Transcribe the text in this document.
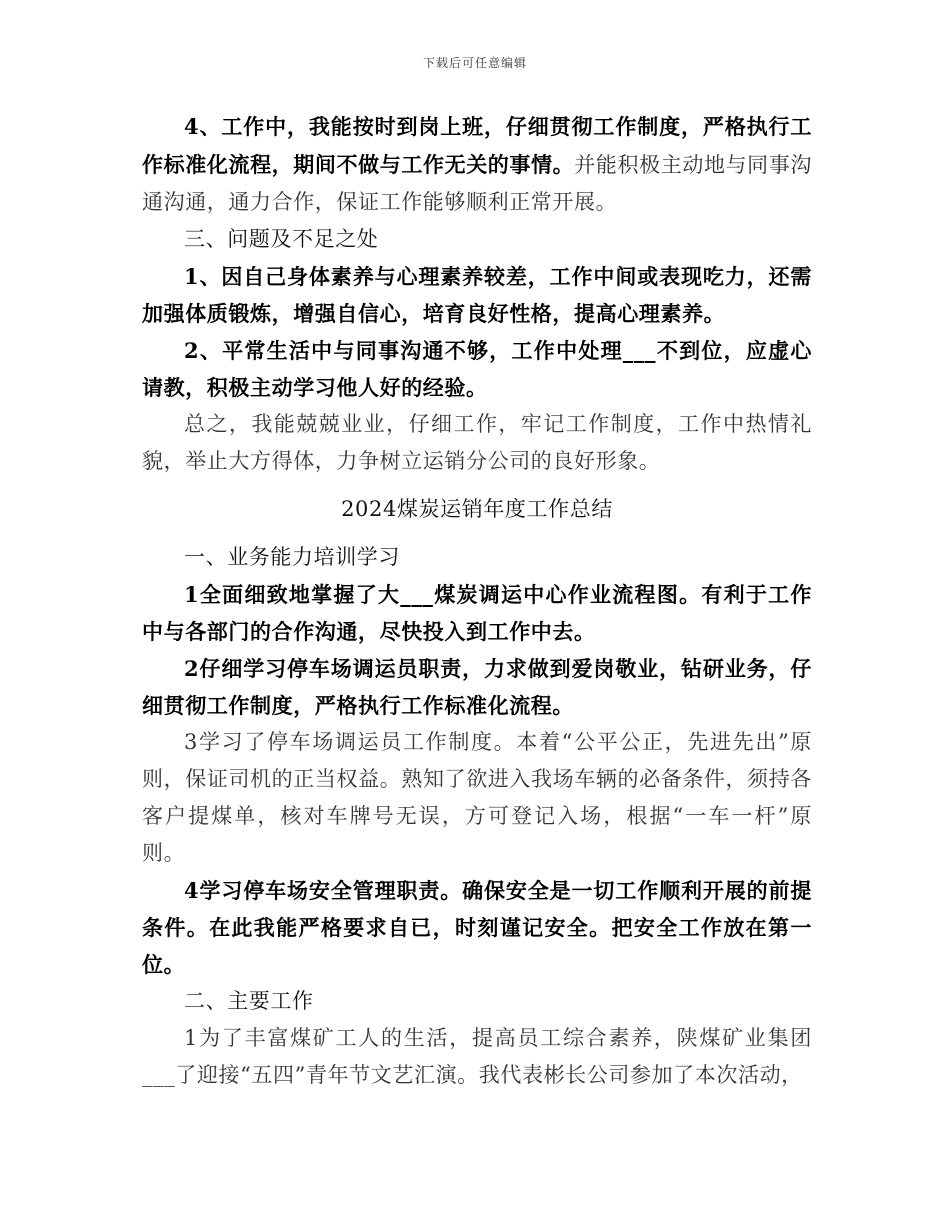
下载后可任意编辑

4、工作中，我能按时到岗上班，仔细贯彻工作制度，严格执行工作标准化流程，期间不做与工作无关的事情。并能积极主动地与同事沟通沟通，通力合作，保证工作能够顺利正常开展。

三、问题及不足之处

1、因自己身体素养与心理素养较差，工作中间或表现吃力，还需加强体质锻炼，增强自信心，培育良好性格，提高心理素养。

2、平常生活中与同事沟通不够，工作中处理___不到位，应虚心请教，积极主动学习他人好的经验。

总之，我能兢兢业业，仔细工作，牢记工作制度，工作中热情礼貌，举止大方得体，力争树立运销分公司的良好形象。

2024煤炭运销年度工作总结

一、业务能力培训学习

1全面细致地掌握了大___煤炭调运中心作业流程图。有利于工作中与各部门的合作沟通，尽快投入到工作中去。

2仔细学习停车场调运员职责，力求做到爱岗敬业，钻研业务，仔细贯彻工作制度，严格执行工作标准化流程。

3学习了停车场调运员工作制度。本着“公平公正，先进先出”原则，保证司机的正当权益。熟知了欲进入我场车辆的必备条件，须持各客户提煤单，核对车牌号无误，方可登记入场，根据“一车一杆”原则。

4学习停车场安全管理职责。确保安全是一切工作顺利开展的前提条件。在此我能严格要求自已，时刻谨记安全。把安全工作放在第一位。

二、主要工作

1为了丰富煤矿工人的生活，提高员工综合素养，陕煤矿业集团___了迎接“五四”青年节文艺汇演。我代表彬长公司参加了本次活动，
